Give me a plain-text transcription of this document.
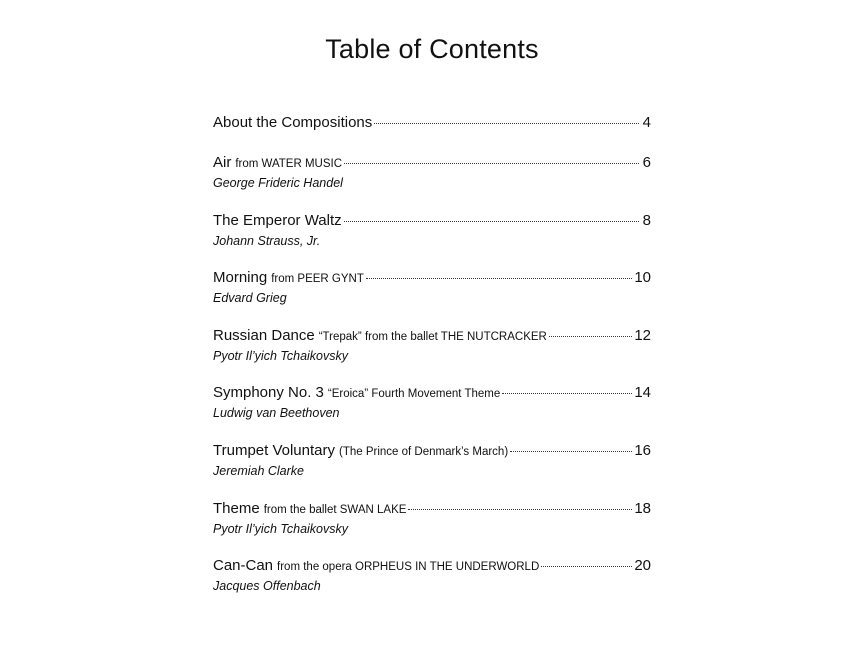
Table of Contents
About the Compositions	4
Air from WATER MUSIC	6
George Frideric Handel
The Emperor Waltz	8
Johann Strauss, Jr.
Morning from PEER GYNT	10
Edvard Grieg
Russian Dance “Trepak” from the ballet THE NUTCRACKER	12
Pyotr Il’yich Tchaikovsky
Symphony No. 3 “Eroica” Fourth Movement Theme	14
Ludwig van Beethoven
Trumpet Voluntary (The Prince of Denmark’s March)	16
Jeremiah Clarke
Theme from the ballet SWAN LAKE	18
Pyotr Il’yich Tchaikovsky
Can-Can from the opera ORPHEUS IN THE UNDERWORLD	20
Jacques Offenbach
